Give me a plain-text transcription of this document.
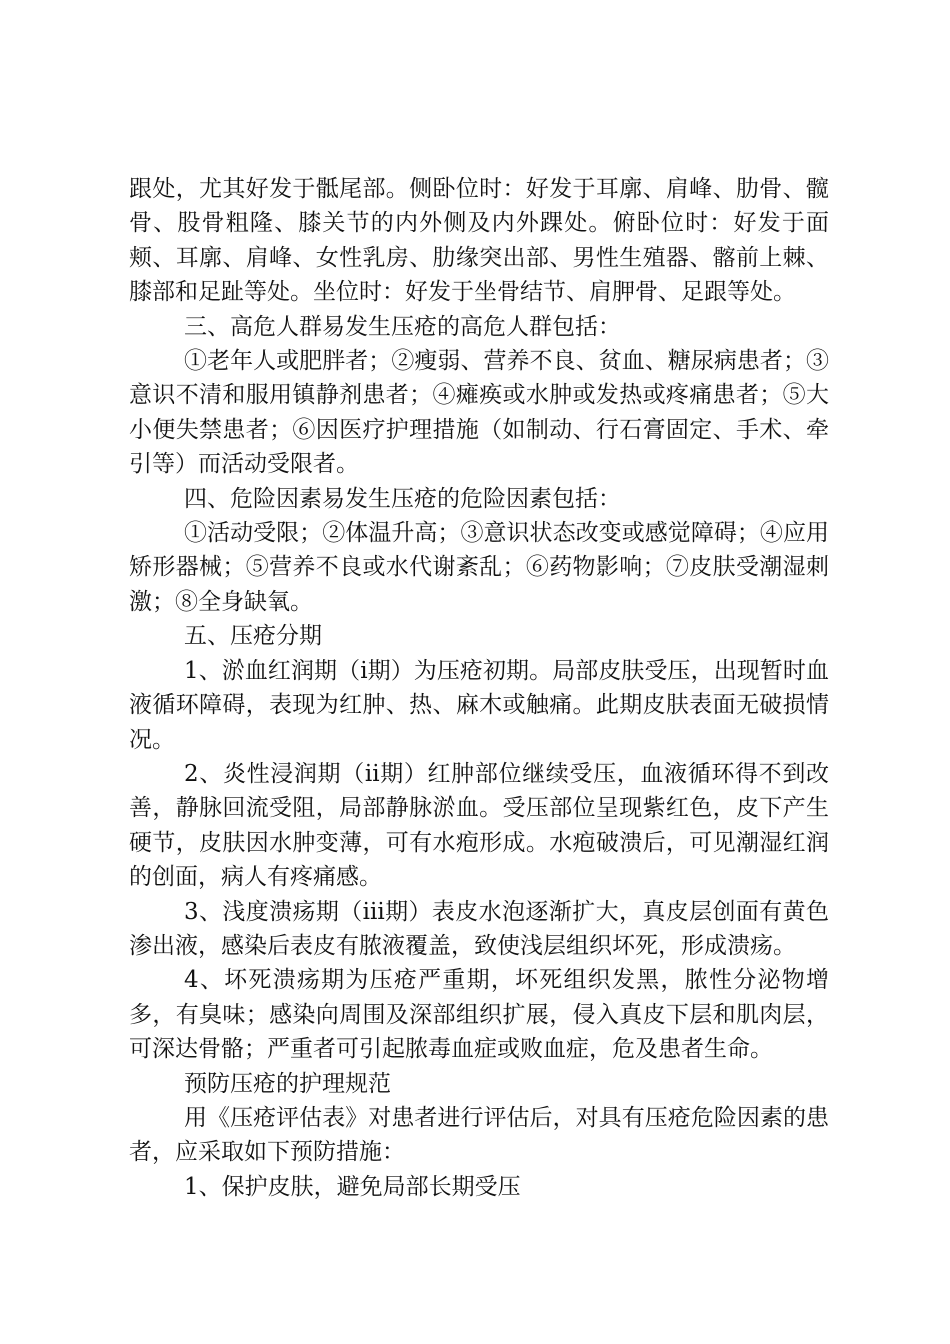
跟处，尤其好发于骶尾部。侧卧位时：好发于耳廓、肩峰、肋骨、髋骨、股骨粗隆、膝关节的内外侧及内外踝处。俯卧位时：好发于面颊、耳廓、肩峰、女性乳房、肋缘突出部、男性生殖器、髂前上棘、膝部和足趾等处。坐位时：好发于坐骨结节、肩胛骨、足跟等处。

三、高危人群易发生压疮的高危人群包括：

①老年人或肥胖者；②瘦弱、营养不良、贫血、糖尿病患者；③意识不清和服用镇静剂患者；④瘫痪或水肿或发热或疼痛患者；⑤大小便失禁患者；⑥因医疗护理措施（如制动、行石膏固定、手术、牵引等）而活动受限者。

四、危险因素易发生压疮的危险因素包括：

①活动受限；②体温升高；③意识状态改变或感觉障碍；④应用矫形器械；⑤营养不良或水代谢紊乱；⑥药物影响；⑦皮肤受潮湿刺激；⑧全身缺氧。

五、压疮分期

1、淤血红润期（i期）为压疮初期。局部皮肤受压，出现暂时血液循环障碍，表现为红肿、热、麻木或触痛。此期皮肤表面无破损情况。

2、炎性浸润期（ii期）红肿部位继续受压，血液循环得不到改善，静脉回流受阻，局部静脉淤血。受压部位呈现紫红色，皮下产生硬节，皮肤因水肿变薄，可有水疱形成。水疱破溃后，可见潮湿红润的创面，病人有疼痛感。

3、浅度溃疡期（iii期）表皮水泡逐渐扩大，真皮层创面有黄色渗出液，感染后表皮有脓液覆盖，致使浅层组织坏死，形成溃疡。

4、坏死溃疡期为压疮严重期，坏死组织发黑，脓性分泌物增多，有臭味；感染向周围及深部组织扩展，侵入真皮下层和肌肉层，可深达骨骼；严重者可引起脓毒血症或败血症，危及患者生命。

预防压疮的护理规范

用《压疮评估表》对患者进行评估后，对具有压疮危险因素的患者，应采取如下预防措施：

1、保护皮肤，避免局部长期受压
